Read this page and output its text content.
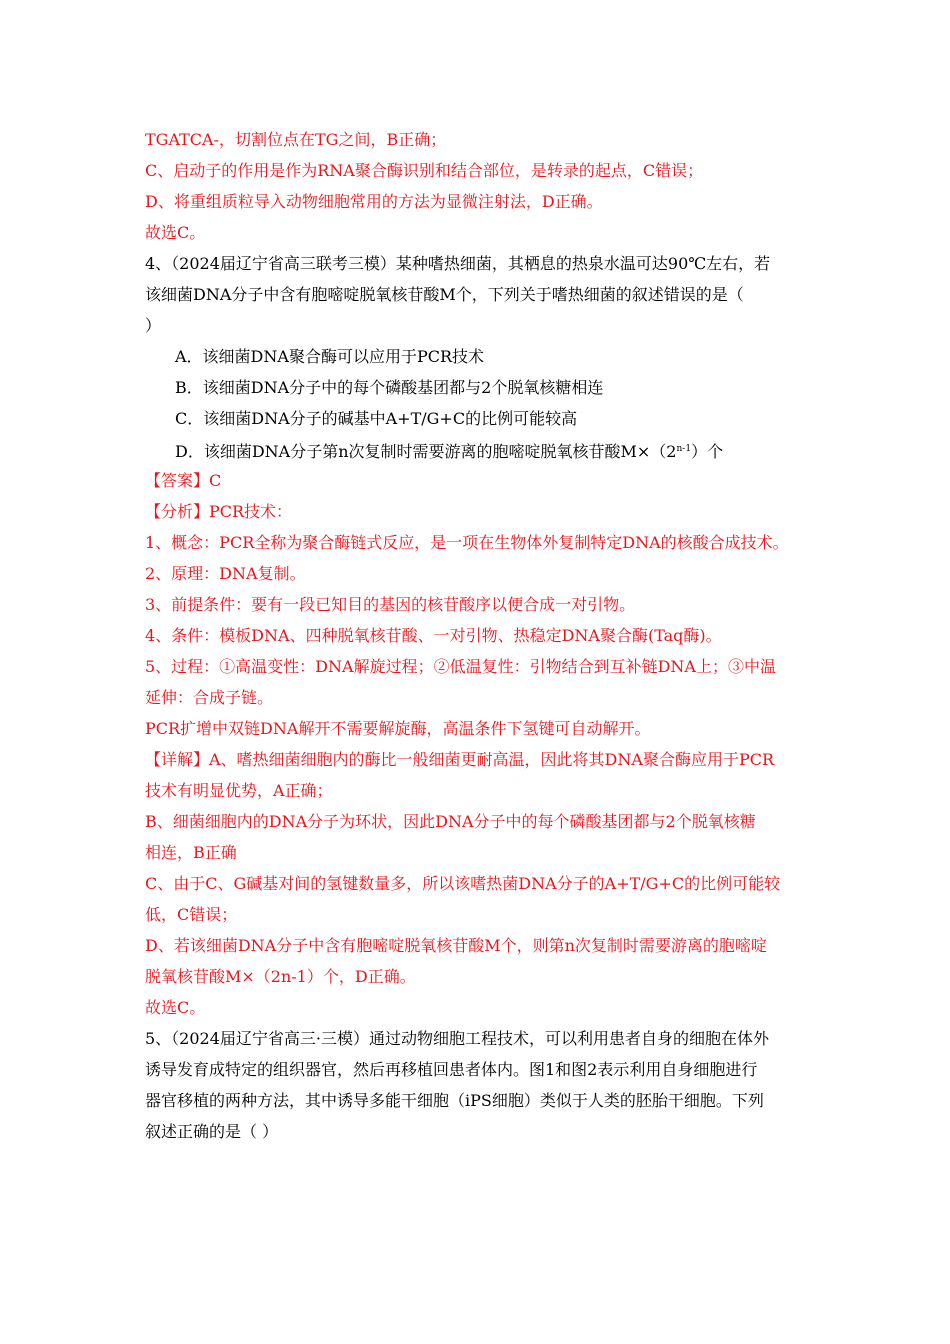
TGATCA-，切割位点在TG之间，B正确；
C、启动子的作用是作为RNA聚合酶识别和结合部位，是转录的起点，C错误；
D、将重组质粒导入动物细胞常用的方法为显微注射法，D正确。
故选C。
4、（2024届辽宁省高三联考三模）某种嗜热细菌，其栖息的热泉水温可达90℃左右，若
该细菌DNA分子中含有胞嘧啶脱氧核苷酸M个，下列关于嗜热细菌的叙述错误的是（
）
A．该细菌DNA聚合酶可以应用于PCR技术
B．该细菌DNA分子中的每个磷酸基团都与2个脱氧核糖相连
C．该细菌DNA分子的碱基中A+T/G+C的比例可能较高
D．该细菌DNA分子第n次复制时需要游离的胞嘧啶脱氧核苷酸$M\times(2^{n-1})$个
【答案】C
【分析】PCR技术：
1、概念：PCR全称为聚合酶链式反应，是一项在生物体外复制特定DNA的核酸合成技术。
2、原理：DNA复制。
3、前提条件：要有一段已知目的基因的核苷酸序以便合成一对引物。
4、条件：模板DNA、四种脱氧核苷酸、一对引物、热稳定DNA聚合酶(Taq酶)。
5、过程：①高温变性：DNA解旋过程；②低温复性：引物结合到互补链DNA上；③中温
延伸：合成子链。
PCR扩增中双链DNA解开不需要解旋酶，高温条件下氢键可自动解开。
【详解】A、嗜热细菌细胞内的酶比一般细菌更耐高温，因此将其DNA聚合酶应用于PCR
技术有明显优势，A正确；
B、细菌细胞内的DNA分子为环状，因此DNA分子中的每个磷酸基团都与2个脱氧核糖
相连，B正确
C、由于C、G碱基对间的氢键数量多，所以该嗜热菌DNA分子的A+T/G+C的比例可能较
低，C错误；
D、若该细菌DNA分子中含有胞嘧啶脱氧核苷酸M个，则第n次复制时需要游离的胞嘧啶
脱氧核苷酸M×（2n-1）个，D正确。
故选C。
5、（2024届辽宁省高三·三模）通过动物细胞工程技术，可以利用患者自身的细胞在体外
诱导发育成特定的组织器官，然后再移植回患者体内。图1和图2表示利用自身细胞进行
器官移植的两种方法，其中诱导多能干细胞（iPS细胞）类似于人类的胚胎干细胞。下列
叙述正确的是（ ）
